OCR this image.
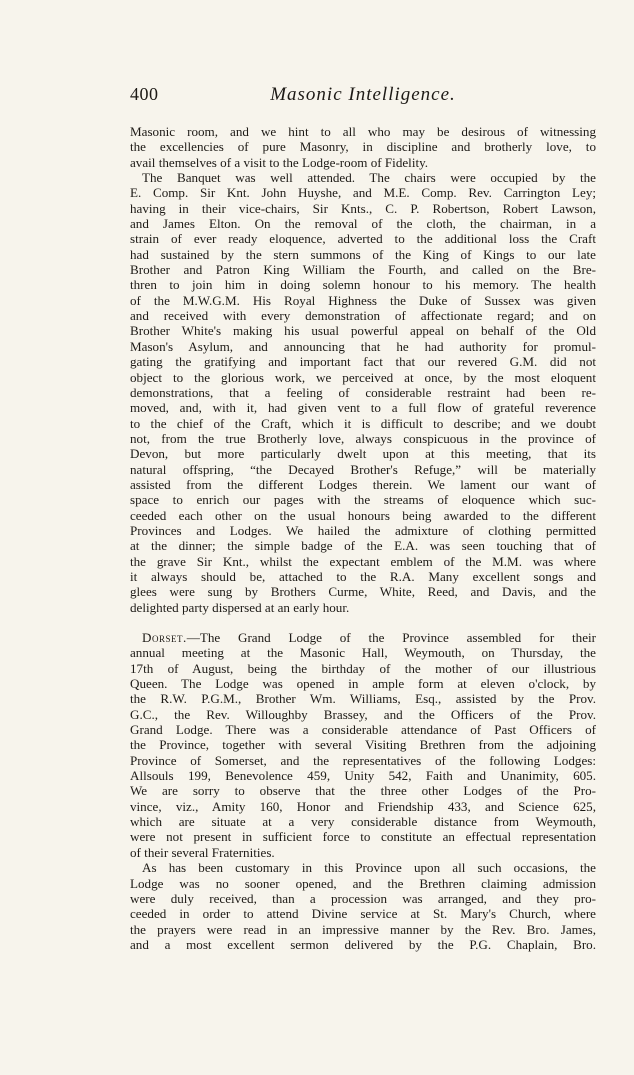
400	Masonic Intelligence.

Masonic room, and we hint to all who may be desirous of witnessing

the excellencies of pure Masonry, in discipline and brotherly love, to

avail themselves of a visit to the Lodge-room of Fidelity.

The Banquet was well attended. The chairs were occupied by the

E. Comp. Sir Knt. John Huyshe, and M.E. Comp. Rev. Carrington Ley;

having in their vice-chairs, Sir Knts., C. P. Robertson, Robert Lawson,

and James Elton. On the removal of the cloth, the chairman, in a

strain of ever ready eloquence, adverted to the additional loss the Craft

had sustained by the stern summons of the King of Kings to our late

Brother and Patron King William the Fourth, and called on the Bre-

thren to join him in doing solemn honour to his memory. The health

of the M.W.G.M. His Royal Highness the Duke of Sussex was given

and received with every demonstration of affectionate regard; and on

Brother White's making his usual powerful appeal on behalf of the Old

Mason's Asylum, and announcing that he had authority for promul-

gating the gratifying and important fact that our revered G.M. did not

object to the glorious work, we perceived at once, by the most eloquent

demonstrations, that a feeling of considerable restraint had been re-

moved, and, with it, had given vent to a full flow of grateful reverence

to the chief of the Craft, which it is difficult to describe; and we doubt

not, from the true Brotherly love, always conspicuous in the province of

Devon, but more particularly dwelt upon at this meeting, that its

natural offspring, “the Decayed Brother's Refuge,” will be materially

assisted from the different Lodges therein. We lament our want of

space to enrich our pages with the streams of eloquence which suc-

ceeded each other on the usual honours being awarded to the different

Provinces and Lodges. We hailed the admixture of clothing permitted

at the dinner; the simple badge of the E.A. was seen touching that of

the grave Sir Knt., whilst the expectant emblem of the M.M. was where

it always should be, attached to the R.A. Many excellent songs and

glees were sung by Brothers Curme, White, Reed, and Davis, and the

delighted party dispersed at an early hour.

Dorset.—The Grand Lodge of the Province assembled for their

annual meeting at the Masonic Hall, Weymouth, on Thursday, the

17th of August, being the birthday of the mother of our illustrious

Queen. The Lodge was opened in ample form at eleven o'clock, by

the R.W. P.G.M., Brother Wm. Williams, Esq., assisted by the Prov.

G.C., the Rev. Willoughby Brassey, and the Officers of the Prov.

Grand Lodge. There was a considerable attendance of Past Officers of

the Province, together with several Visiting Brethren from the adjoining

Province of Somerset, and the representatives of the following Lodges:

Allsouls 199, Benevolence 459, Unity 542, Faith and Unanimity, 605.

We are sorry to observe that the three other Lodges of the Pro-

vince, viz., Amity 160, Honor and Friendship 433, and Science 625,

which are situate at a very considerable distance from Weymouth,

were not present in sufficient force to constitute an effectual representation

of their several Fraternities.

As has been customary in this Province upon all such occasions, the

Lodge was no sooner opened, and the Brethren claiming admission

were duly received, than a procession was arranged, and they pro-

ceeded in order to attend Divine service at St. Mary's Church, where

the prayers were read in an impressive manner by the Rev. Bro. James,

and a most excellent sermon delivered by the P.G. Chaplain, Bro.
